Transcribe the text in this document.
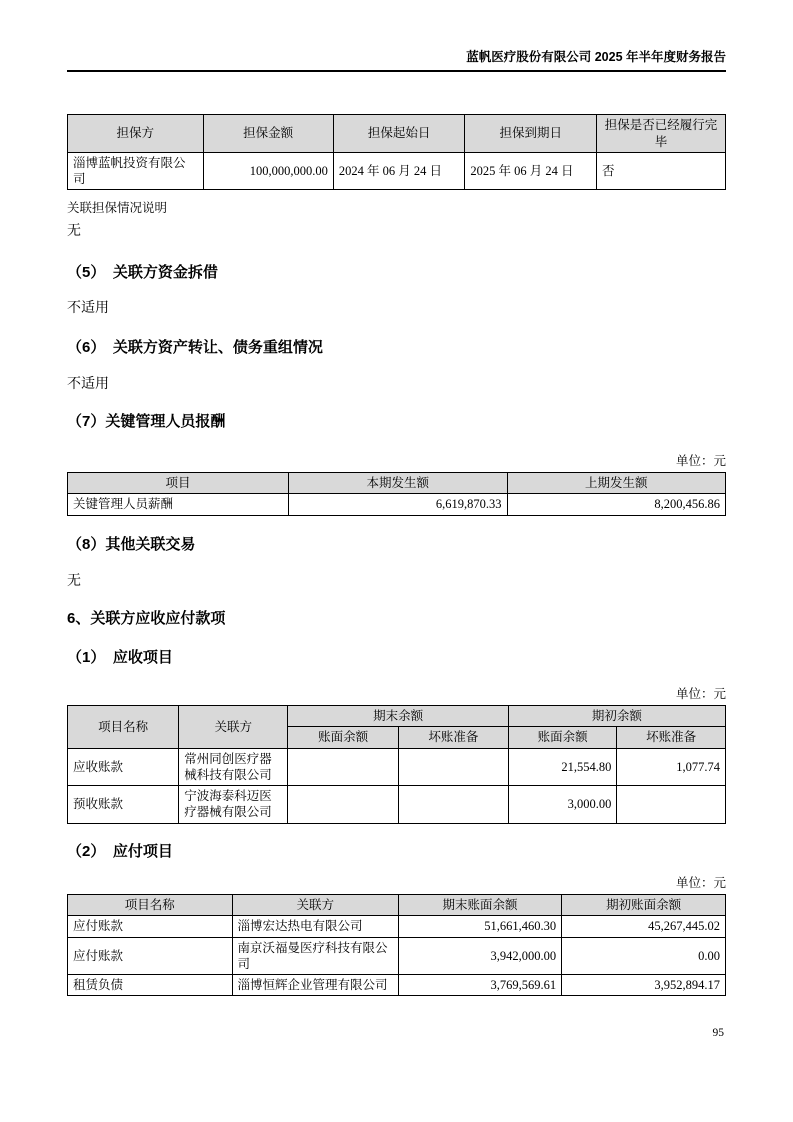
蓝帆医疗股份有限公司 2025 年半年度财务报告
担保方	担保金额	担保起始日	担保到期日	担保是否已经履行完毕
淄博蓝帆投资有限公司	100,000,000.00	2024 年 06 月 24 日	2025 年 06 月 24 日	否

关联担保情况说明

无

（5）　关联方资金拆借

不适用

（6）　关联方资产转让、债务重组情况

不适用

（7）关键管理人员报酬
单位：元
项目	本期发生额	上期发生额
关键管理人员薪酬	6,619,870.33	8,200,456.86
（8）其他关联交易

无

6、关联方应收应付款项
（1）　应收项目
单位：元
项目名称	关联方	期末余额		期初余额	
		账面余额	坏账准备	账面余额	坏账准备
应收账款	常州同创医疗器械科技有限公司			21,554.80	1,077.74
预收账款	宁波海泰科迈医疗器械有限公司			3,000.00	
（2）　应付项目
单位：元
项目名称	关联方	期末账面余额	期初账面余额
应付账款	淄博宏达热电有限公司	51,661,460.30	45,267,445.02
应付账款	南京沃福曼医疗科技有限公司	3,942,000.00	0.00
租赁负债	淄博恒辉企业管理有限公司	3,769,569.61	3,952,894.17
95
